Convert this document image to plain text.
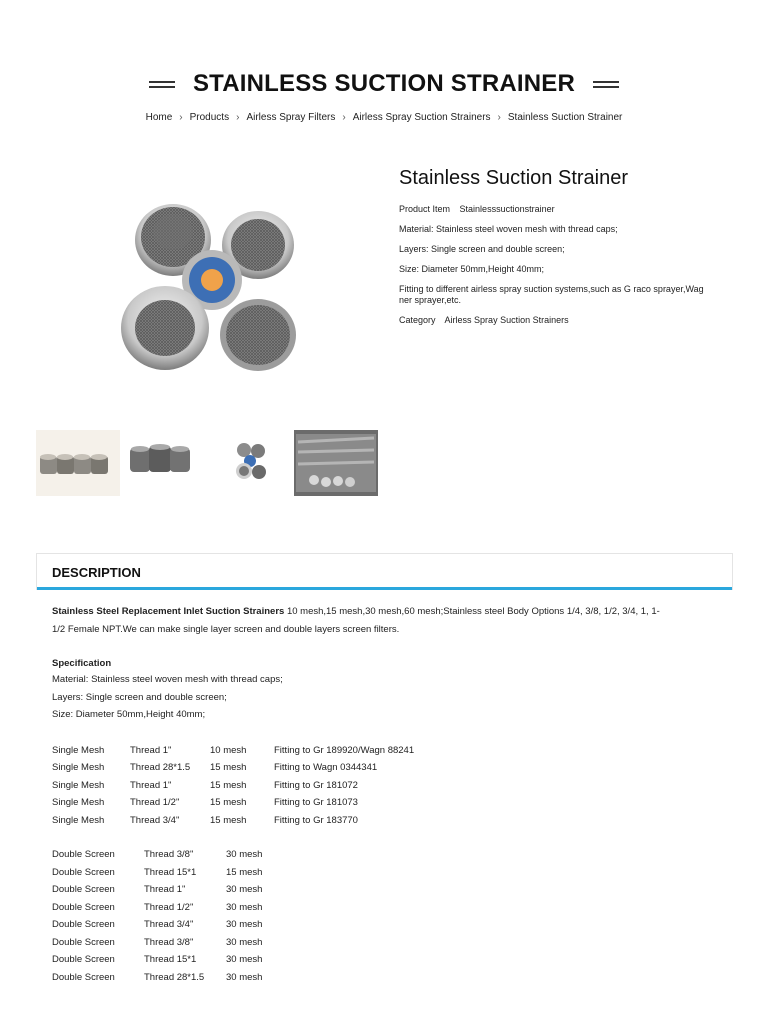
STAINLESS SUCTION STRAINER
Home › Products › Airless Spray Filters › Airless Spray Suction Strainers › Stainless Suction Strainer
Stainless Suction Strainer

Product Item Stainlesssuctionstrainer

Material: Stainless steel woven mesh with thread caps;

Layers: Single screen and double screen;

Size: Diameter 50mm,Height 40mm;

Fitting to different airless spray suction systems,such as G raco sprayer,Wag
ner sprayer,etc.

Category Airless Spray Suction Strainers

DESCRIPTION
Stainless Steel Replacement Inlet Suction Strainers 10 mesh,15 mesh,30 mesh,60 mesh;Stainless steel Body Options 1/4, 3/8, 1/2, 3/4, 1, 1-
1/2 Female NPT.We can make single layer screen and double layers screen filters.
Specification
Material: Stainless steel woven mesh with thread caps;
Layers: Single screen and double screen;
Size: Diameter 50mm,Height 40mm;
Single Mesh	Thread 1"	10 mesh	Fitting to Gr 189920/Wagn 88241
Single Mesh	Thread 28*1.5	15 mesh	Fitting to Wagn 0344341
Single Mesh	Thread 1"	15 mesh	Fitting to Gr 181072
Single Mesh	Thread 1/2"	15 mesh	Fitting to Gr 181073
Single Mesh	Thread 3/4"	15 mesh	Fitting to Gr 183770
Double Screen	Thread 3/8"	30 mesh
Double Screen	Thread 15*1	15 mesh
Double Screen	Thread 1"	30 mesh
Double Screen	Thread 1/2"	30 mesh
Double Screen	Thread 3/4"	30 mesh
Double Screen	Thread 3/8"	30 mesh
Double Screen	Thread 15*1	30 mesh
Double Screen	Thread 28*1.5	30 mesh
